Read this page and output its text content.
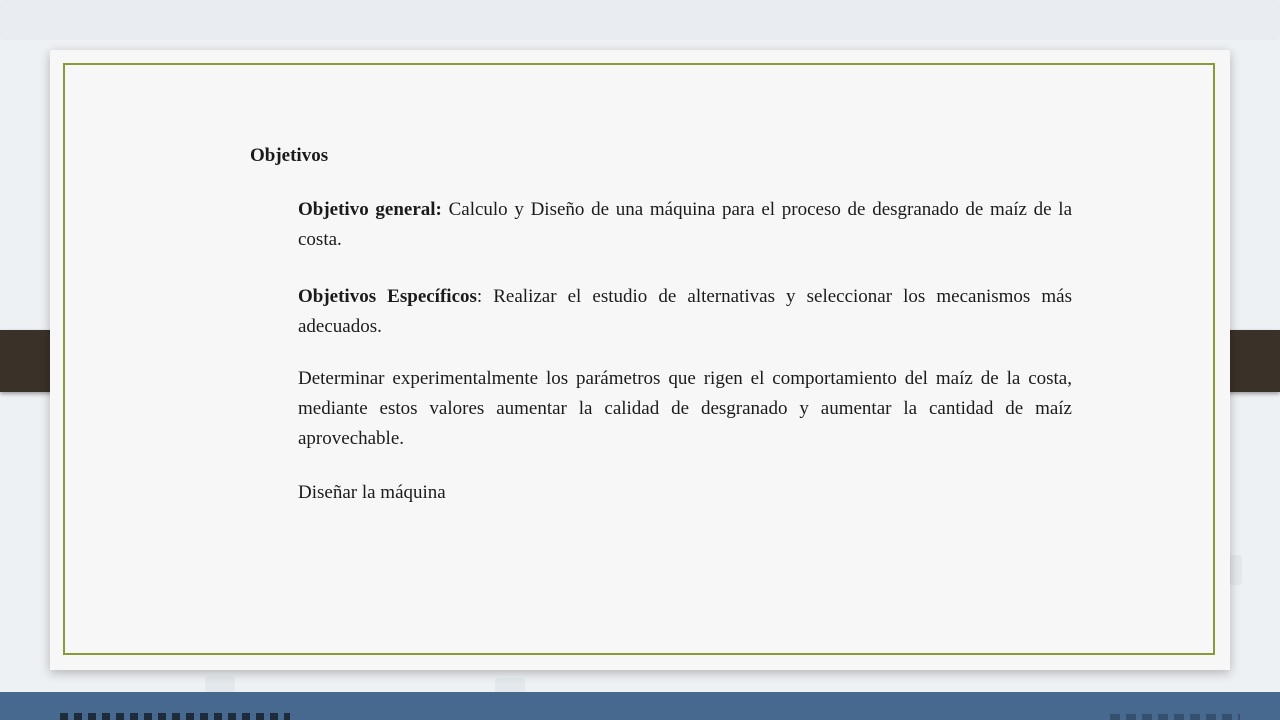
Objetivos
Objetivo general: Calculo y Diseño de una máquina para el proceso de desgranado de maíz de la costa.
Objetivos Específicos: Realizar el estudio de alternativas y seleccionar los mecanismos más adecuados.
Determinar experimentalmente los parámetros que rigen el comportamiento del maíz de la costa, mediante estos valores aumentar la calidad de desgranado y aumentar la cantidad de maíz aprovechable.
Diseñar la máquina
